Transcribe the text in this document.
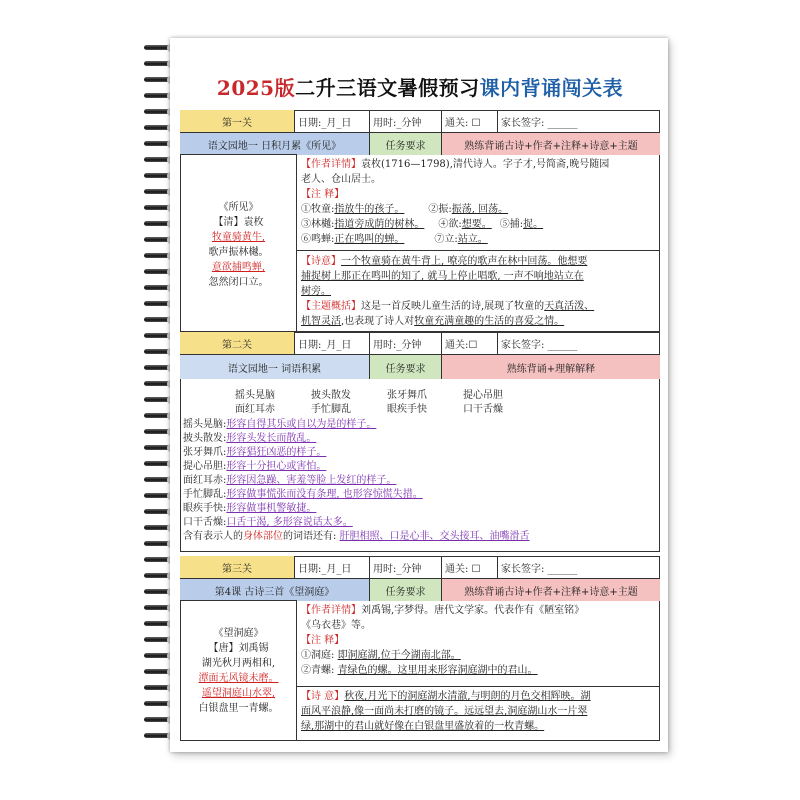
2025版二升三语文暑假预习课内背诵闯关表
第一关	日期:_月_日	用时:_分钟	通关: ☐	家长签字: ______
语文园地一 日积月累《所见》	任务要求	熟练背诵古诗+作者+注释+诗意+主题
《所见》
【清】袁枚
牧童骑黄牛,
歌声振林樾。
意欲捕鸣蝉,
忽然闭口立。
【作者详情】袁枚(1716—1798),清代诗人。字子才,号简斋,晚号随园
老人、仓山居士。
【注 释】
①牧童:指放牛的孩子。 ②振:振荡, 回荡。
③林樾:指道旁成荫的树林。 ④欲:想要。 ⑤捕:捉。
⑥鸣蝉:正在鸣叫的蝉。	⑦立:站立。
【诗意】一个牧童骑在黄牛背上, 嘹亮的歌声在林中回荡。他想要
捕捉树上那正在鸣叫的知了, 就马上停止唱歌, 一声不响地站立在
树旁。
【主题概括】这是一首反映儿童生活的诗,展现了牧童的天真活泼、
机智灵活,也表现了诗人对牧童充满童趣的生活的喜爱之情。
第二关	日期:_月_日	用时:_分钟	通关:☐	家长签字: ______
语文园地一 词语积累	任务要求	熟练背诵+理解解释
摇头晃脑	披头散发	张牙舞爪	提心吊胆
面红耳赤	手忙脚乱	眼疾手快	口干舌燥
摇头晃脑:形容自得其乐或自以为是的样子。
披头散发:形容头发长而散乱。
张牙舞爪:形容猖狂凶恶的样子。
提心吊胆:形容十分担心或害怕。
面红耳赤:形容因急躁、害羞等脸上发红的样子。
手忙脚乱:形容做事慌张而没有条理, 也形容惊慌失措。
眼疾手快:形容做事机警敏捷。
口干舌燥:口舌干渴, 多形容说话太多。
含有表示人的身体部位的词语还有: 肝胆相照、口是心非、交头接耳、油嘴滑舌
第三关	日期:_月_日	用时:_分钟	通关: ☐	家长签字: ______
第4课 古诗三首《望洞庭》	任务要求	熟练背诵古诗+作者+注释+诗意+主题
《望洞庭》
【唐】刘禹锡
湖光秋月两相和,
潭面无风镜未磨。
遥望洞庭山水翠,
白银盘里一青螺。
【作者详情】刘禹锡,字梦得。唐代文学家。代表作有《陋室铭》
《乌衣巷》等。
【注 释】
①洞庭: 即洞庭湖,位于今湖南北部。
②青螺: 青绿色的螺。这里用来形容洞庭湖中的君山。
【诗 意】秋夜,月光下的洞庭湖水清澈,与明朗的月色交相辉映。湖
面风平浪静,像一面尚未打磨的镜子。远远望去,洞庭湖山水一片翠
绿,那湖中的君山就好像在白银盘里盛放着的一枚青螺。
